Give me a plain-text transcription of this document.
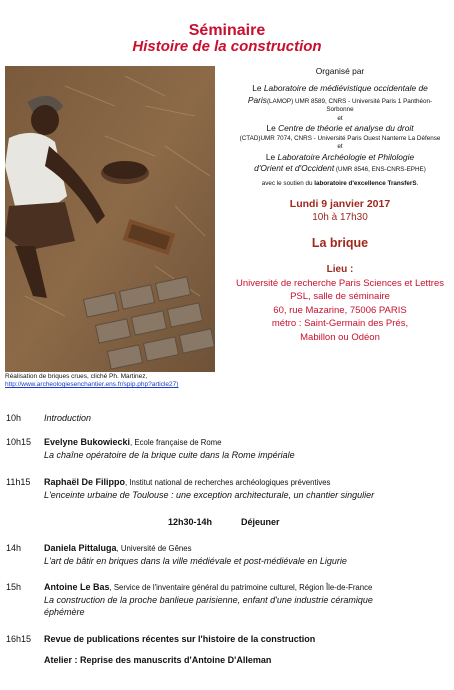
Séminaire
Histoire de la construction
Réalisation de briques crues, cliché Ph. Martinez,
http://www.archeologiesenchantier.ens.fr/spip.php?article27)

Organisé par

Le Laboratoire de médiévistique occidentale de

Paris(LAMOP) UMR 8589, CNRS - Université Paris 1 Panthéon-

Sorbonne

et

Le Centre de théorie et analyse du droit

(CTAD)UMR 7074, CNRS - Université Paris Ouest Nanterre La Défense

et

Le Laboratoire Archéologie et Philologie

d'Orient et d'Occident (UMR 8546, ENS-CNRS-EPHE)

avec le soutien du laboratoire d'excellence TransferS.

Lundi 9 janvier 2017

10h à 17h30

La brique

Lieu :

Université de recherche Paris Sciences et Lettres

PSL, salle de séminaire

60, rue Mazarine, 75006 PARIS

métro : Saint-Germain des Prés,

Mabillon ou Odéon

10h	Introduction
10h15 Evelyne Bukowiecki, Ecole française de Rome
La chaîne opératoire de la brique cuite dans la Rome impériale
11h15 Raphaël De Filippo, Institut national de recherches archéologiques préventives
L'enceinte urbaine de Toulouse : une exception architecturale, un chantier singulier
12h30-14h	Déjeuner
14h	Daniela Pittaluga, Université de Gênes
L'art de bâtir en briques dans la ville médiévale et post-médiévale en Ligurie
15h	Antoine Le Bas, Service de l'inventaire général du patrimoine culturel, Région Île-de-France
La construction de la proche banlieue parisienne, enfant d'une industrie céramique
éphémère
16h15 Revue de publications récentes sur l'histoire de la construction
Atelier : Reprise des manuscrits d'Antoine D'Alleman
